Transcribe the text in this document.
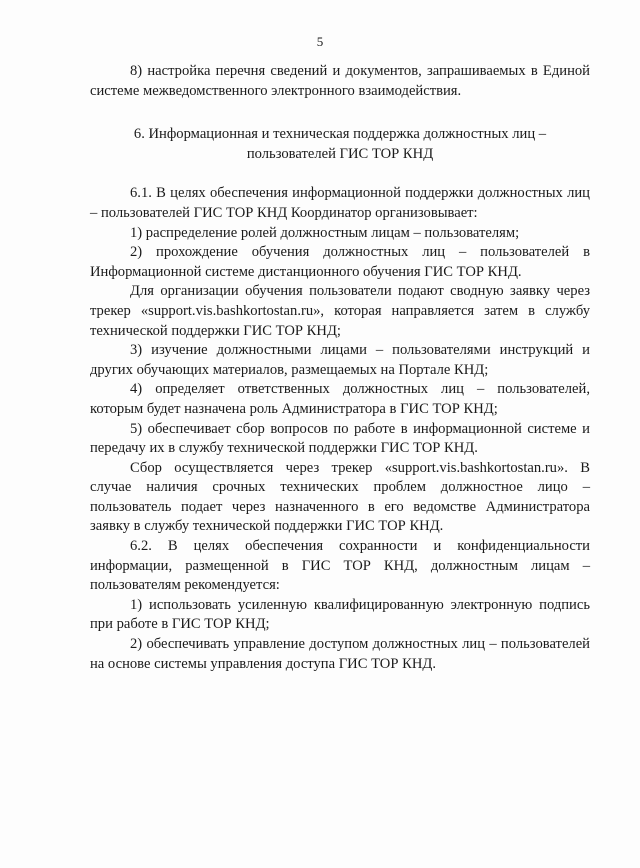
5

8) настройка перечня сведений и документов, запрашиваемых в Единой системе межведомственного электронного взаимодействия.

6. Информационная и техническая поддержка должностных лиц –
пользователей ГИС ТОР КНД

6.1. В целях обеспечения информационной поддержки должностных лиц – пользователей ГИС ТОР КНД Координатор организовывает:

1) распределение ролей должностным лицам – пользователям;

2) прохождение обучения должностных лиц – пользователей в Информационной системе дистанционного обучения ГИС ТОР КНД.

Для организации обучения пользователи подают сводную заявку через трекер «support.vis.bashkortostan.ru», которая направляется затем в службу технической поддержки ГИС ТОР КНД;

3) изучение должностными лицами – пользователями инструкций и других обучающих материалов, размещаемых на Портале КНД;

4) определяет ответственных должностных лиц – пользователей, которым будет назначена роль Администратора в ГИС ТОР КНД;

5) обеспечивает сбор вопросов по работе в информационной системе и передачу их в службу технической поддержки ГИС ТОР КНД.

Сбор осуществляется через трекер «support.vis.bashkortostan.ru». В случае наличия срочных технических проблем должностное лицо – пользователь подает через назначенного в его ведомстве Администратора заявку в службу технической поддержки ГИС ТОР КНД.

6.2. В целях обеспечения сохранности и конфиденциальности информации, размещенной в ГИС ТОР КНД, должностным лицам – пользователям рекомендуется:

1) использовать усиленную квалифицированную электронную подпись при работе в ГИС ТОР КНД;

2) обеспечивать управление доступом должностных лиц – пользователей на основе системы управления доступа ГИС ТОР КНД.
